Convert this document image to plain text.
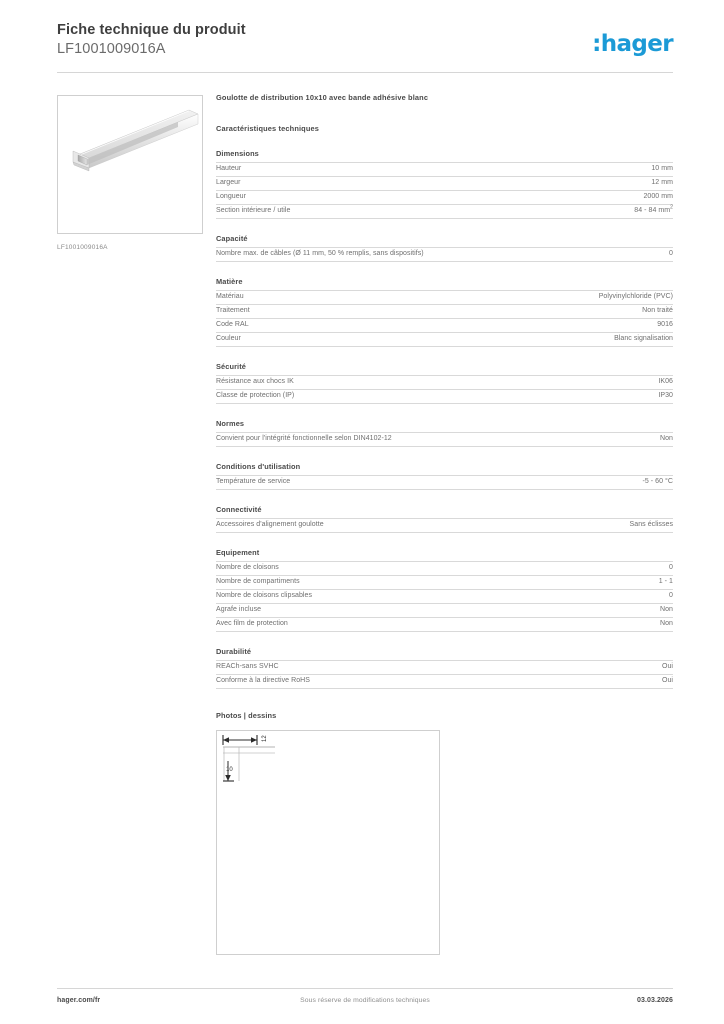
Fiche technique du produit
LF1001009016A	:hager
LF1001009016A
Goulotte de distribution 10x10 avec bande adhésive blanc
Caractéristiques techniques
Dimensions
Hauteur	10 mm
Largeur	12 mm
Longueur	2000 mm
Section intérieure / utile	84 - 84 $mm^2$
Capacité
Nombre max. de câbles (Ø 11 mm, 50 % remplis, sans dispositifs)	0
Matière
Matériau	Polyvinylchloride (PVC)
Traitement	Non traité
Code RAL	9016
Couleur	Blanc signalisation
Sécurité
Résistance aux chocs IK	IK06
Classe de protection (IP)	IP30
Normes
Convient pour l'intégrité fonctionnelle selon DIN4102-12	Non
Conditions d'utilisation
Température de service	-5 - 60 °C
Connectivité
Accessoires d'alignement goulotte	Sans éclisses
Equipement
Nombre de cloisons	0
Nombre de compartiments	1 - 1
Nombre de cloisons clipsables	0
Agrafe incluse	Non
Avec film de protection	Non
Durabilité
REACh-sans SVHC	Oui
Conforme à la directive RoHS	Oui
Photos | dessins
12
10
hager.com/fr	Sous réserve de modifications techniques	03.03.2026
